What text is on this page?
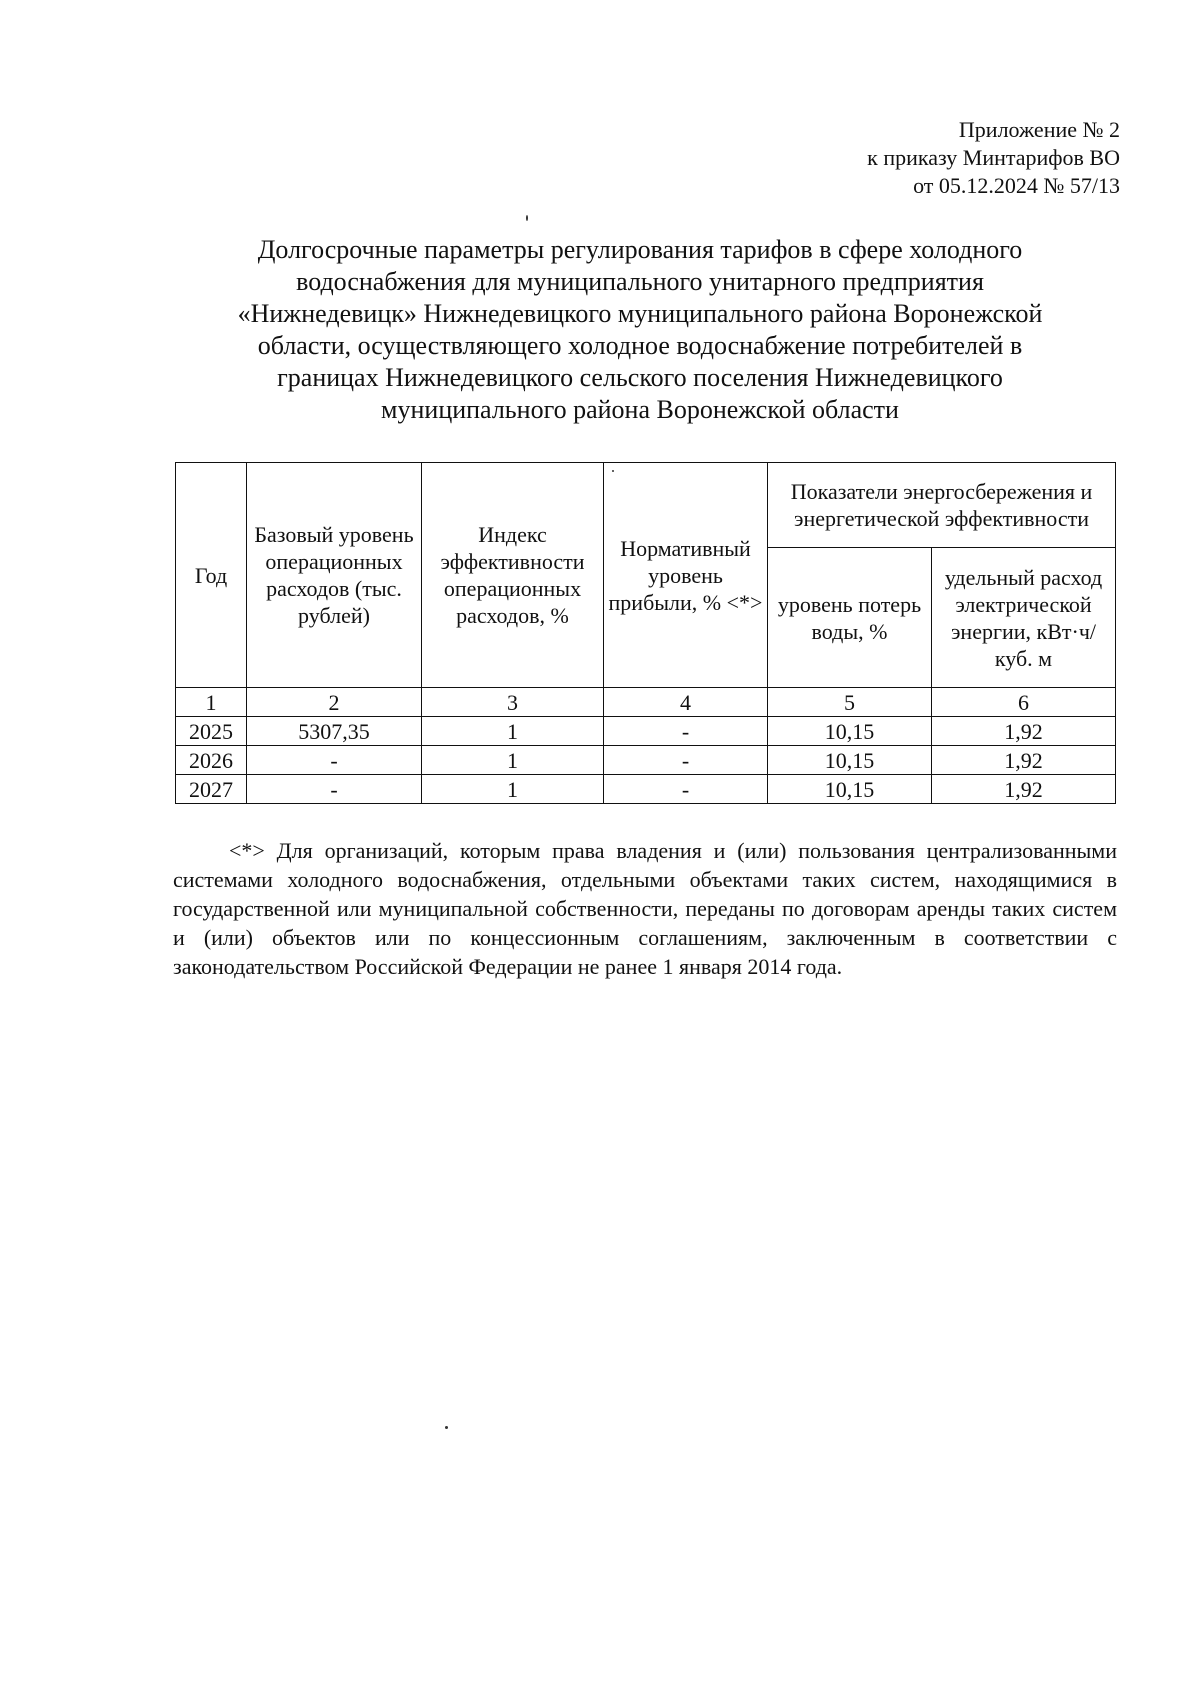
Приложение № 2
к приказу Минтарифов ВО
от 05.12.2024 № 57/13
Долгосрочные параметры регулирования тарифов в сфере холодного
водоснабжения для муниципального унитарного предприятия
«Нижнедевицк» Нижнедевицкого муниципального района Воронежской
области, осуществляющего холодное водоснабжение потребителей в
границах Нижнедевицкого сельского поселения Нижнедевицкого
муниципального района Воронежской области
Год	Базовый уровень операционных расходов (тыс. рублей)	Индекс эффективности операционных расходов, %	Нормативный уровень прибыли, % <*>	Показатели энергосбережения и энергетической эффективности	
				уровень потерь воды, %	удельный расход электрической энергии, кВт·ч/куб. м
1	2	3	4	5	6
2025	5307,35	1	-	10,15	1,92
2026	-	1	-	10,15	1,92
2027	-	1	-	10,15	1,92
<*> Для организаций, которым права владения и (или) пользования централизованными системами холодного водоснабжения, отдельными объектами таких систем, находящимися в государственной или муниципальной собственности, переданы по договорам аренды таких систем и (или) объектов или по концессионным соглашениям, заключенным в соответствии с законодательством Российской Федерации не ранее 1 января 2014 года.
